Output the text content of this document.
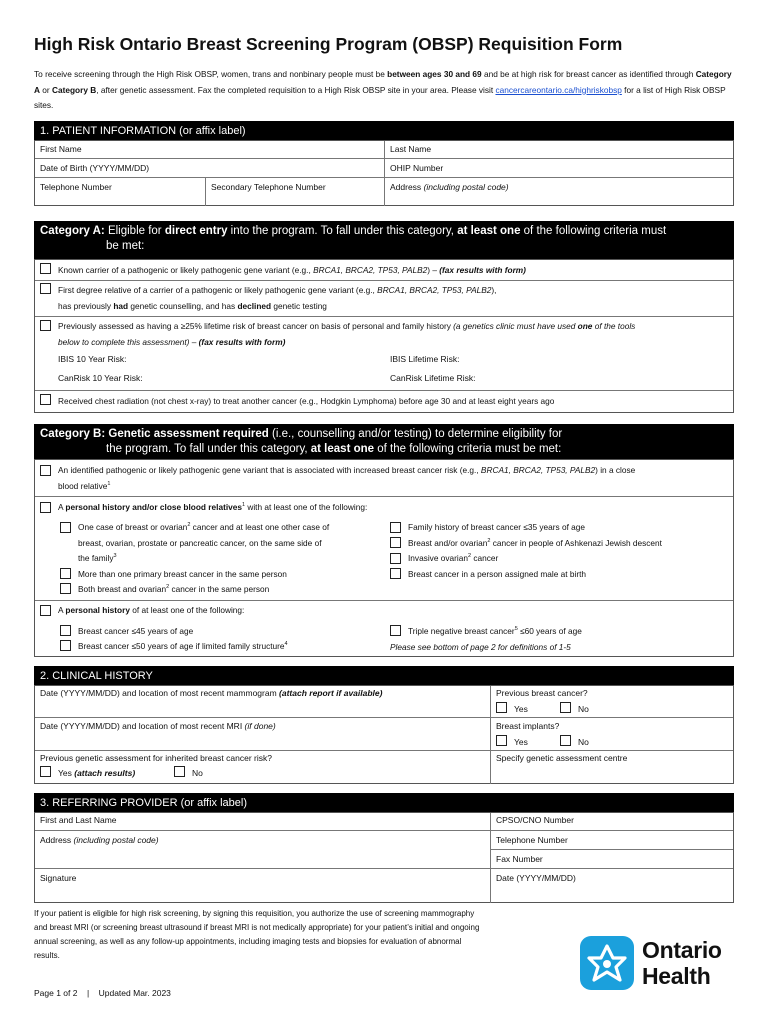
High Risk Ontario Breast Screening Program (OBSP) Requisition Form
To receive screening through the High Risk OBSP, women, trans and nonbinary people must be between ages 30 and 69 and be at high risk for breast cancer as identified through Category A or Category B, after genetic assessment. Fax the completed requisition to a High Risk OBSP site in your area. Please visit cancercareontario.ca/highriskobsp for a list of High Risk OBSP sites.
1. PATIENT INFORMATION (or affix label)
First Name	Last Name
Date of Birth (YYYY/MM/DD)	OHIP Number
Telephone Number	Secondary Telephone Number	Address (including postal code)
Category A: Eligible for direct entry into the program. To fall under this category, at least one of the following criteria must
be met:
Known carrier of a pathogenic or likely pathogenic gene variant (e.g., BRCA1, BRCA2, TP53, PALB2) – (fax results with form)
First degree relative of a carrier of a pathogenic or likely pathogenic gene variant (e.g., BRCA1, BRCA2, TP53, PALB2),
has previously had genetic counselling, and has declined genetic testing
Previously assessed as having a ≥25% lifetime risk of breast cancer on basis of personal and family history (a genetics clinic must have used one of the tools
below to complete this assessment) – (fax results with form)
IBIS 10 Year Risk:	IBIS Lifetime Risk:
CanRisk 10 Year Risk:	CanRisk Lifetime Risk:
Received chest radiation (not chest x-ray) to treat another cancer (e.g., Hodgkin Lymphoma) before age 30 and at least eight years ago
Category B: Genetic assessment required (i.e., counselling and/or testing) to determine eligibility for
the program. To fall under this category, at least one of the following criteria must be met:
An identified pathogenic or likely pathogenic gene variant that is associated with increased breast cancer risk (e.g., BRCA1, BRCA2, TP53, PALB2) in a close
blood relative$^1$
A personal history and/or close blood relatives$^1$ with at least one of the following:
One case of breast or ovarian$^2$ cancer and at least one other case of
breast, ovarian, prostate or pancreatic cancer, on the same side of
the family$^3$
More than one primary breast cancer in the same person
Both breast and ovarian$^2$ cancer in the same person
Family history of breast cancer ≤35 years of age
Breast and/or ovarian$^2$ cancer in people of Ashkenazi Jewish descent
Invasive ovarian$^2$ cancer
Breast cancer in a person assigned male at birth
A personal history of at least one of the following:
Breast cancer ≤45 years of age
Breast cancer ≤50 years of age if limited family structure$^4$
Triple negative breast cancer$^5$ ≤60 years of age
Please see bottom of page 2 for definitions of 1-5
2. CLINICAL HISTORY
Date (YYYY/MM/DD) and location of most recent mammogram (attach report if available)	Previous breast cancer?
Yes	No
Date (YYYY/MM/DD) and location of most recent MRI (if done)	Breast implants?
Yes	No
Previous genetic assessment for inherited breast cancer risk?
Yes (attach results)	No
Specify genetic assessment centre
3. REFERRING PROVIDER (or affix label)
First and Last Name	CPSO/CNO Number
Address (including postal code)	Telephone Number
Fax Number
Signature	Date (YYYY/MM/DD)
If your patient is eligible for high risk screening, by signing this requisition, you authorize the use of screening mammography and breast MRI (or screening breast ultrasound if breast MRI is not medically appropriate) for your patient’s initial and ongoing annual screening, as well as any follow-up appointments, including imaging tests and biopsies for evaluation of abnormal results.
Page 1 of 2 | Updated Mar. 2023
Ontario
Health
